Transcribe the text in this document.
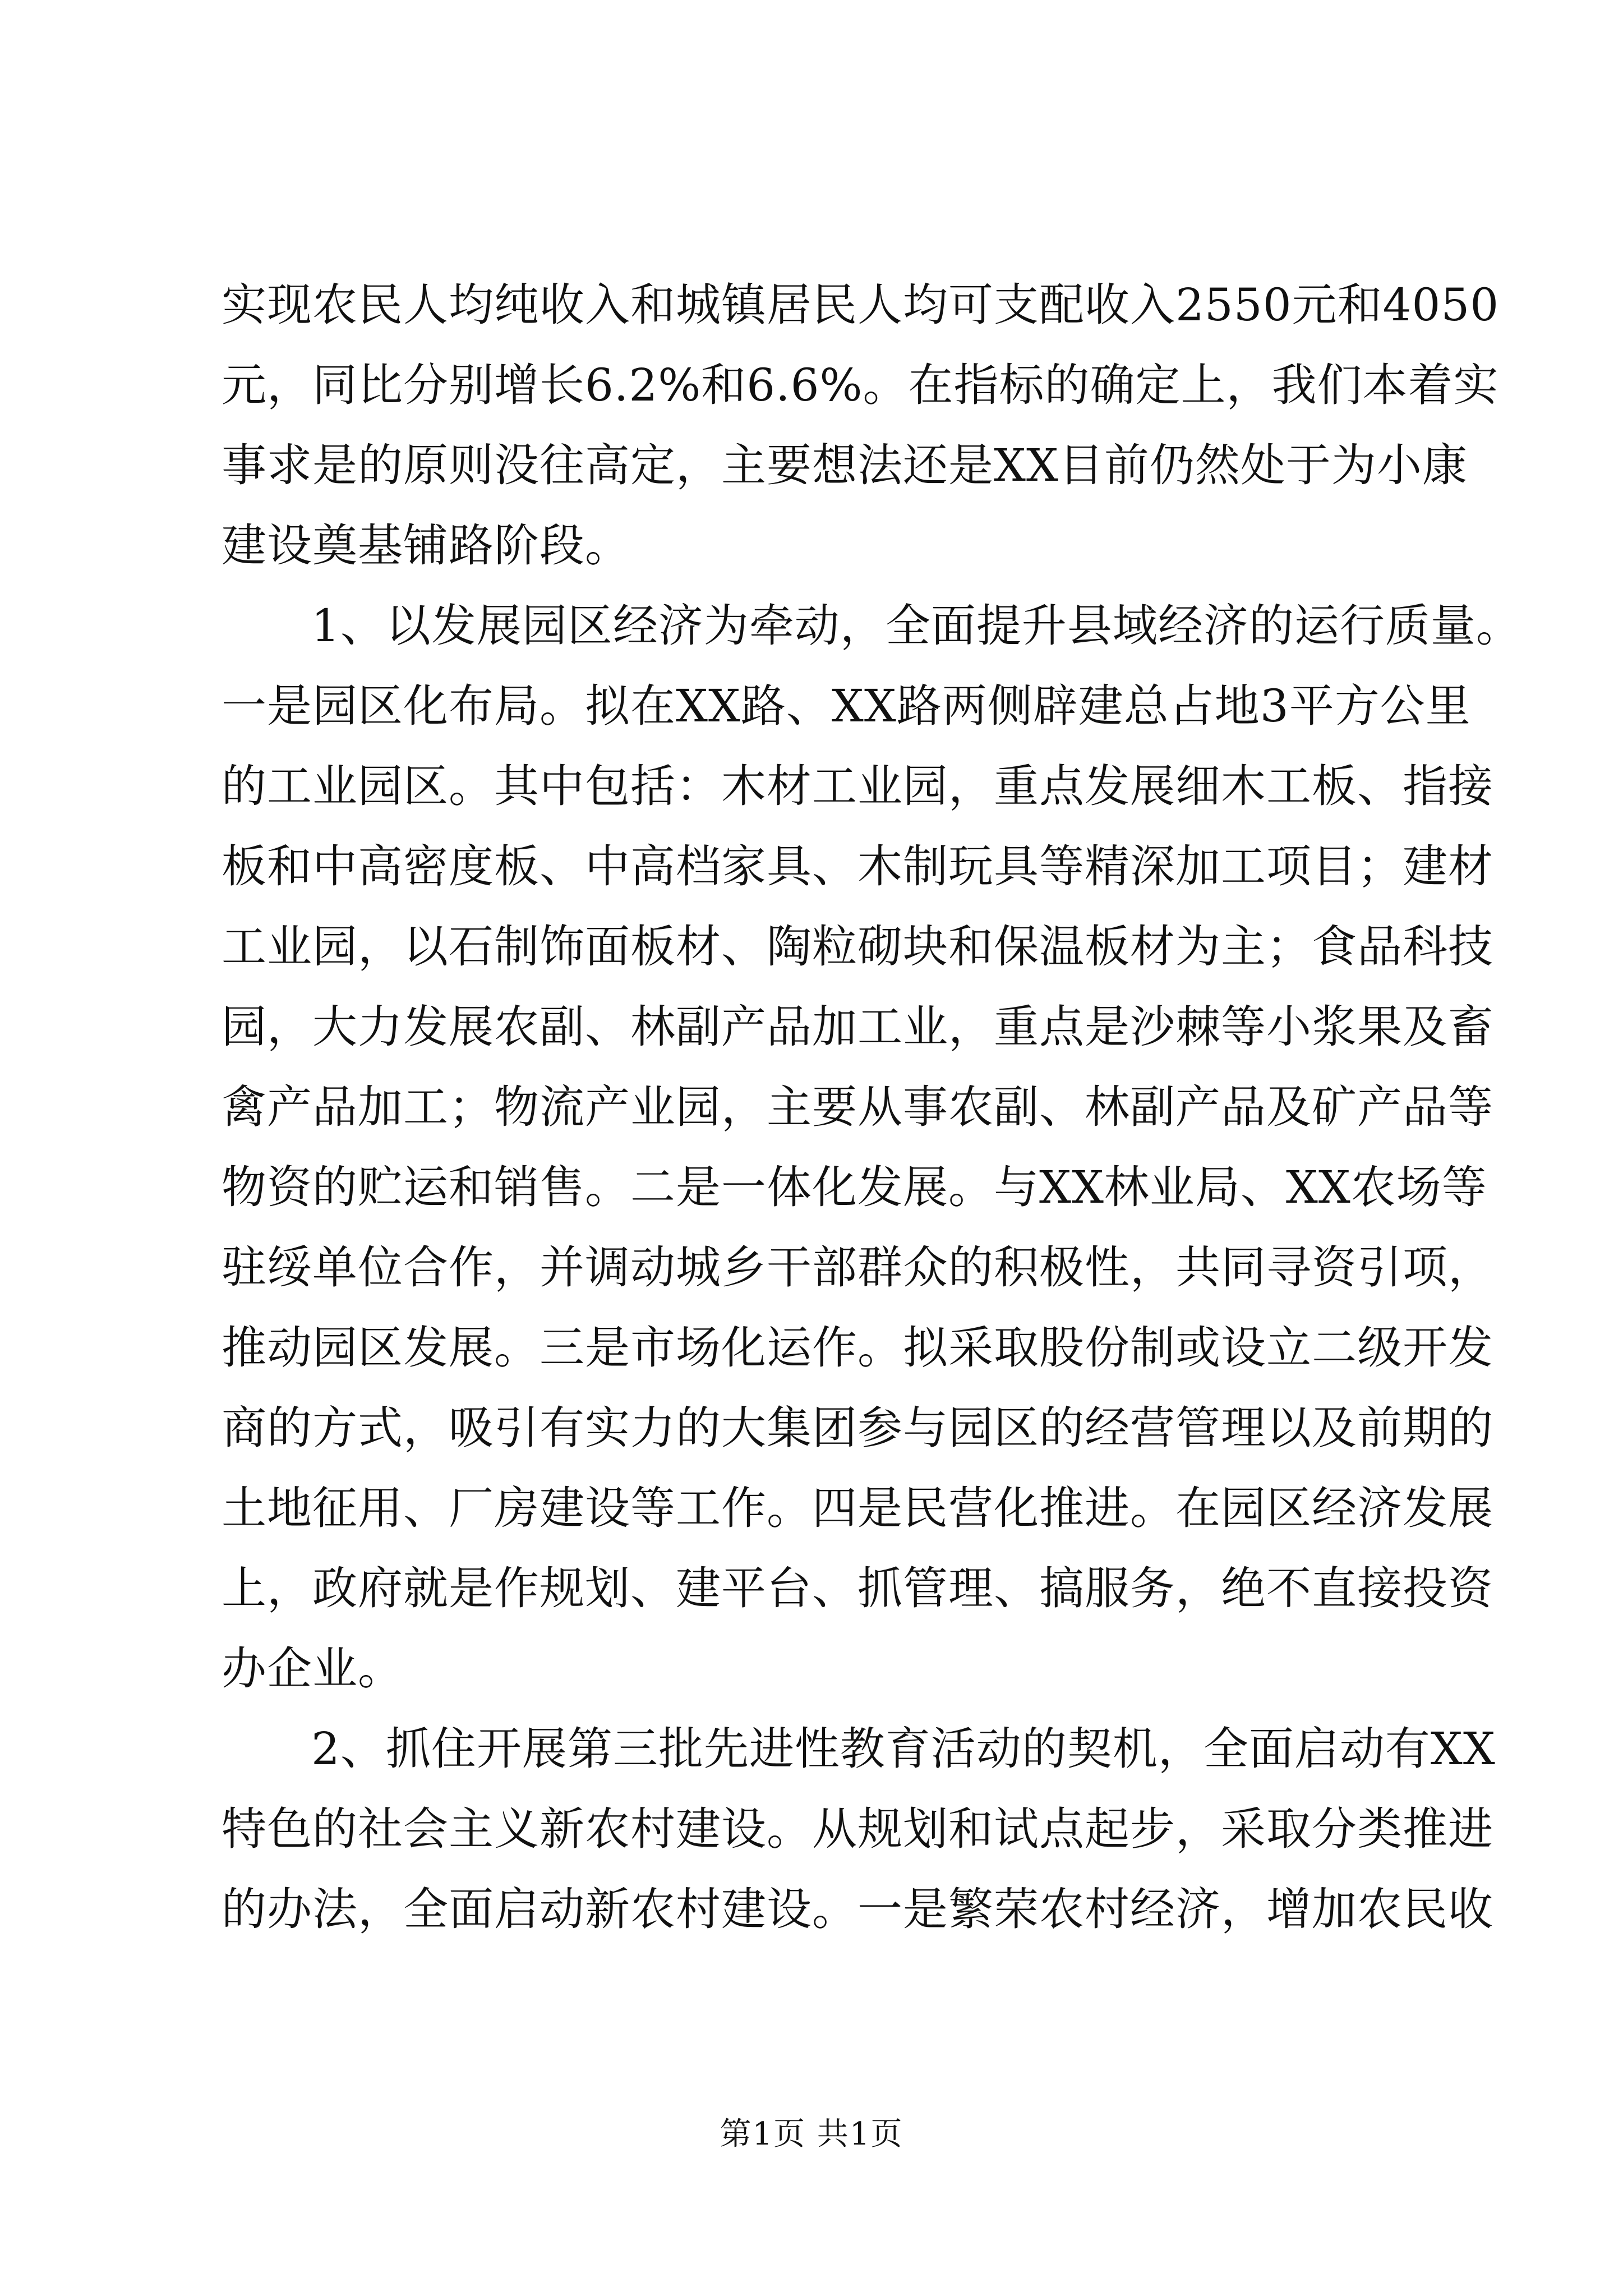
实现农民人均纯收入和城镇居民人均可支配收入2550元和4050
元，同比分别增长6.2%和6.6%。在指标的确定上，我们本着实
事求是的原则没往高定，主要想法还是XX目前仍然处于为小康
建设奠基铺路阶段。
1、以发展园区经济为牵动，全面提升县域经济的运行质量。
一是园区化布局。拟在XX路、XX路两侧辟建总占地3平方公里
的工业园区。其中包括：木材工业园，重点发展细木工板、指接
板和中高密度板、中高档家具、木制玩具等精深加工项目；建材
工业园，以石制饰面板材、陶粒砌块和保温板材为主；食品科技
园，大力发展农副、林副产品加工业，重点是沙棘等小浆果及畜
禽产品加工；物流产业园，主要从事农副、林副产品及矿产品等
物资的贮运和销售。二是一体化发展。与XX林业局、XX农场等
驻绥单位合作，并调动城乡干部群众的积极性，共同寻资引项，
推动园区发展。三是市场化运作。拟采取股份制或设立二级开发
商的方式，吸引有实力的大集团参与园区的经营管理以及前期的
土地征用、厂房建设等工作。四是民营化推进。在园区经济发展
上，政府就是作规划、建平台、抓管理、搞服务，绝不直接投资
办企业。
2、抓住开展第三批先进性教育活动的契机，全面启动有XX
特色的社会主义新农村建设。从规划和试点起步，采取分类推进
的办法，全面启动新农村建设。一是繁荣农村经济，增加农民收
第1页 共1页
